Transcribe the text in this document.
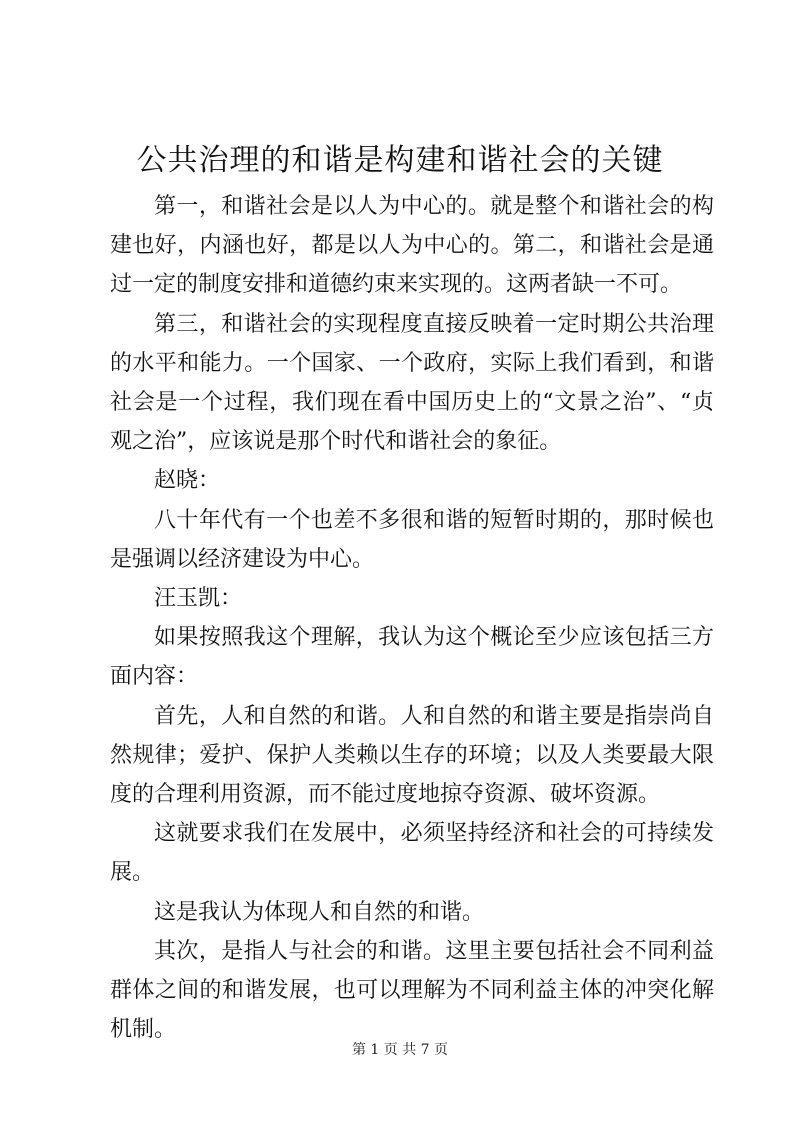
公共治理的和谐是构建和谐社会的关键

第一，和谐社会是以人为中心的。就是整个和谐社会的构建也好，内涵也好，都是以人为中心的。第二，和谐社会是通过一定的制度安排和道德约束来实现的。这两者缺一不可。

第三，和谐社会的实现程度直接反映着一定时期公共治理的水平和能力。一个国家、一个政府，实际上我们看到，和谐社会是一个过程，我们现在看中国历史上的“文景之治”、“贞观之治”，应该说是那个时代和谐社会的象征。

赵晓：

八十年代有一个也差不多很和谐的短暂时期的，那时候也是强调以经济建设为中心。

汪玉凯：

如果按照我这个理解，我认为这个概论至少应该包括三方面内容：

首先，人和自然的和谐。人和自然的和谐主要是指崇尚自然规律；爱护、保护人类赖以生存的环境；以及人类要最大限度的合理利用资源，而不能过度地掠夺资源、破坏资源。

这就要求我们在发展中，必须坚持经济和社会的可持续发展。

这是我认为体现人和自然的和谐。

其次，是指人与社会的和谐。这里主要包括社会不同利益群体之间的和谐发展，也可以理解为不同利益主体的冲突化解机制。

第 1 页 共 7 页
